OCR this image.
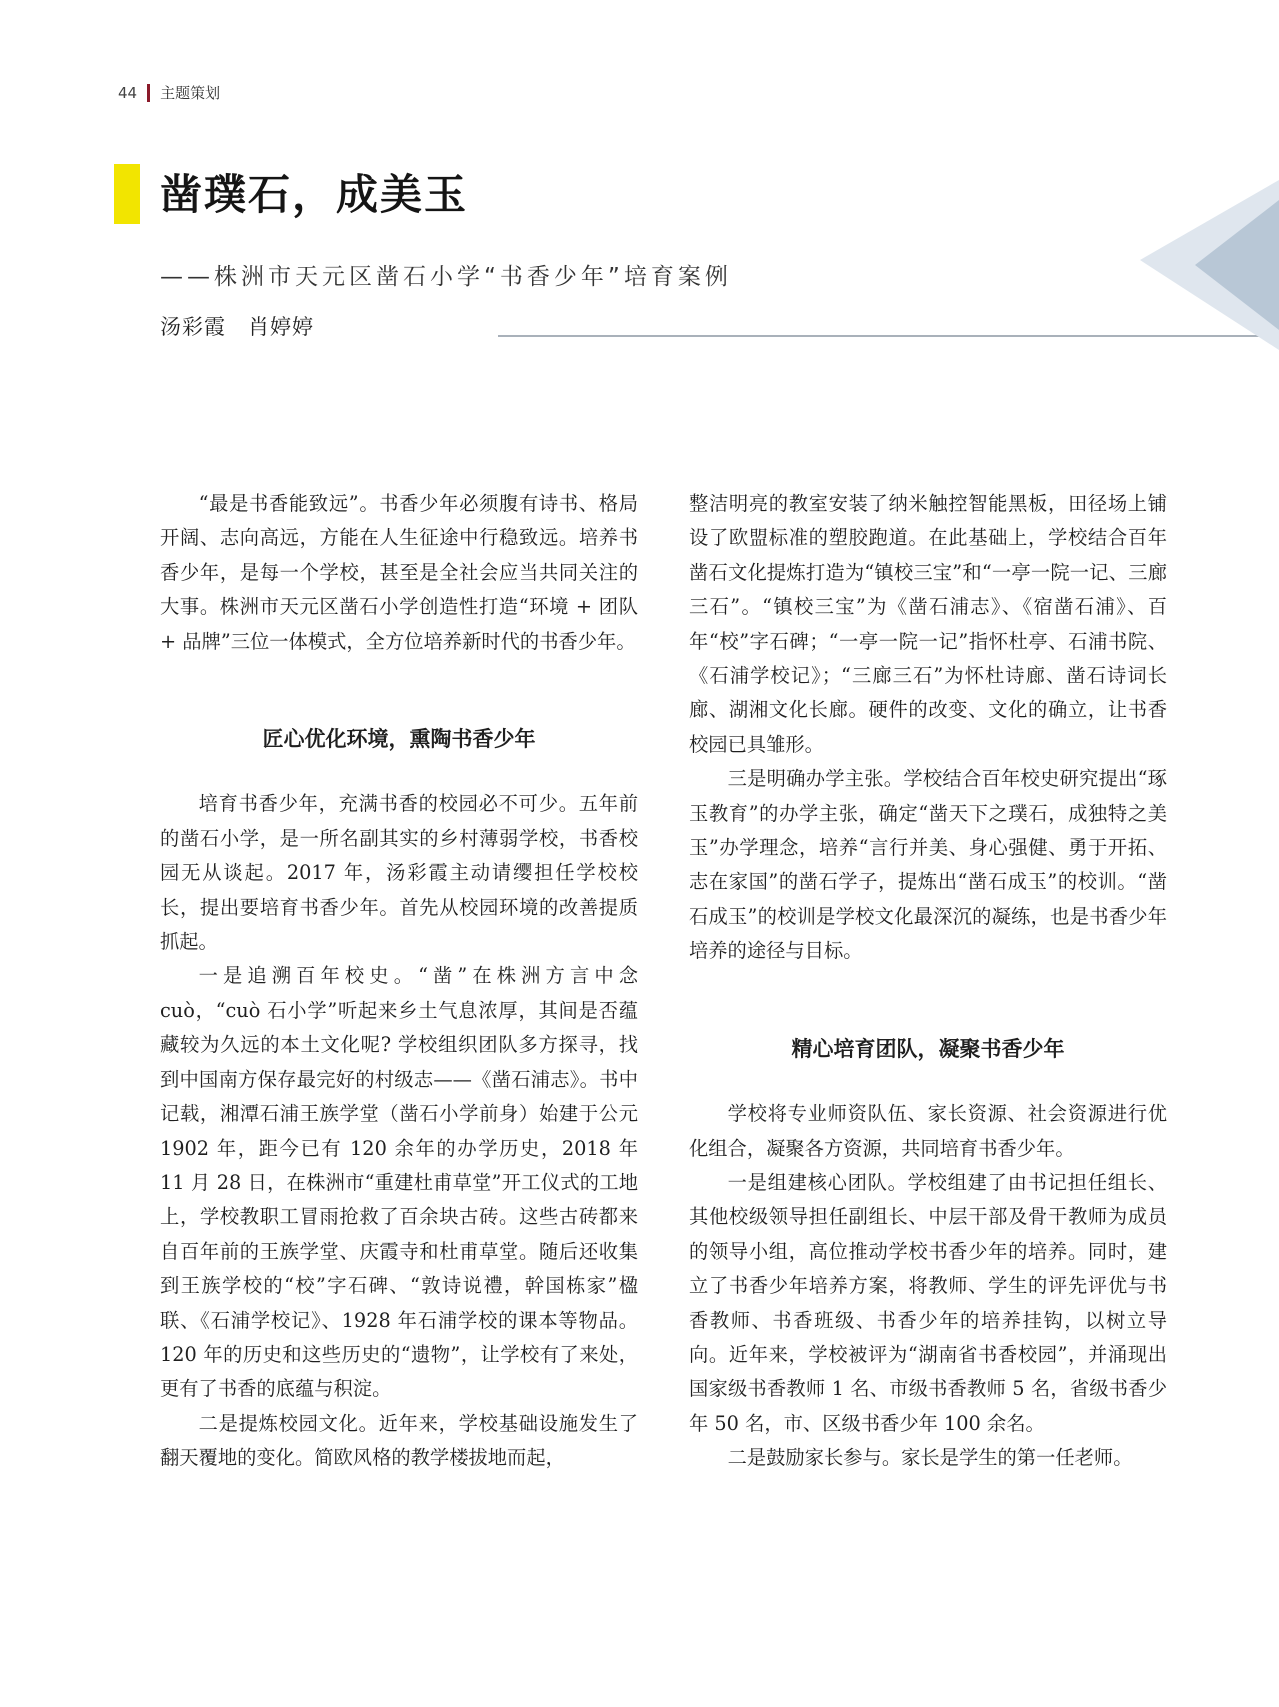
44 主题策划
凿璞石，成美玉
——株洲市天元区凿石小学“书香少年”培育案例
汤彩霞　肖婷婷

“最是书香能致远”。书香少年必须腹有诗书、格局开阔、志向高远，方能在人生征途中行稳致远。培养书香少年，是每一个学校，甚至是全社会应当共同关注的大事。株洲市天元区凿石小学创造性打造“环境 + 团队 + 品牌”三位一体模式，全方位培养新时代的书香少年。

匠心优化环境，熏陶书香少年

培育书香少年，充满书香的校园必不可少。五年前的凿石小学，是一所名副其实的乡村薄弱学校，书香校园无从谈起。2017 年，汤彩霞主动请缨担任学校校长，提出要培育书香少年。首先从校园环境的改善提质抓起。

一是追溯百年校史。“凿”在株洲方言中念 cuò，“cuò 石小学”听起来乡土气息浓厚，其间是否蕴藏较为久远的本土文化呢? 学校组织团队多方探寻，找到中国南方保存最完好的村级志——《凿石浦志》。书中记载，湘潭石浦王族学堂（凿石小学前身）始建于公元 1902 年，距今已有 120 余年的办学历史，2018 年 11 月 28 日，在株洲市“重建杜甫草堂”开工仪式的工地上，学校教职工冒雨抢救了百余块古砖。这些古砖都来自百年前的王族学堂、庆霞寺和杜甫草堂。随后还收集到王族学校的“校”字石碑、“敦诗说禮，幹国栋家”楹联、《石浦学校记》、1928 年石浦学校的课本等物品。120 年的历史和这些历史的“遗物”，让学校有了来处，更有了书香的底蕴与积淀。

二是提炼校园文化。近年来，学校基础设施发生了翻天覆地的变化。简欧风格的教学楼拔地而起，

整洁明亮的教室安装了纳米触控智能黑板，田径场上铺设了欧盟标准的塑胶跑道。在此基础上，学校结合百年凿石文化提炼打造为“镇校三宝”和“一亭一院一记、三廊三石”。“镇校三宝”为《凿石浦志》、《宿凿石浦》、百年“校”字石碑；“一亭一院一记”指怀杜亭、石浦书院、《石浦学校记》；“三廊三石”为怀杜诗廊、凿石诗词长廊、湖湘文化长廊。硬件的改变、文化的确立，让书香校园已具雏形。

三是明确办学主张。学校结合百年校史研究提出“琢玉教育”的办学主张，确定“凿天下之璞石，成独特之美玉”办学理念，培养“言行并美、身心强健、勇于开拓、志在家国”的凿石学子，提炼出“凿石成玉”的校训。“凿石成玉”的校训是学校文化最深沉的凝练，也是书香少年培养的途径与目标。

精心培育团队，凝聚书香少年

学校将专业师资队伍、家长资源、社会资源进行优化组合，凝聚各方资源，共同培育书香少年。

一是组建核心团队。学校组建了由书记担任组长、其他校级领导担任副组长、中层干部及骨干教师为成员的领导小组，高位推动学校书香少年的培养。同时，建立了书香少年培养方案，将教师、学生的评先评优与书香教师、书香班级、书香少年的培养挂钩，以树立导向。近年来，学校被评为“湖南省书香校园”，并涌现出国家级书香教师 1 名、市级书香教师 5 名，省级书香少年 50 名，市、区级书香少年 100 余名。

二是鼓励家长参与。家长是学生的第一任老师。
